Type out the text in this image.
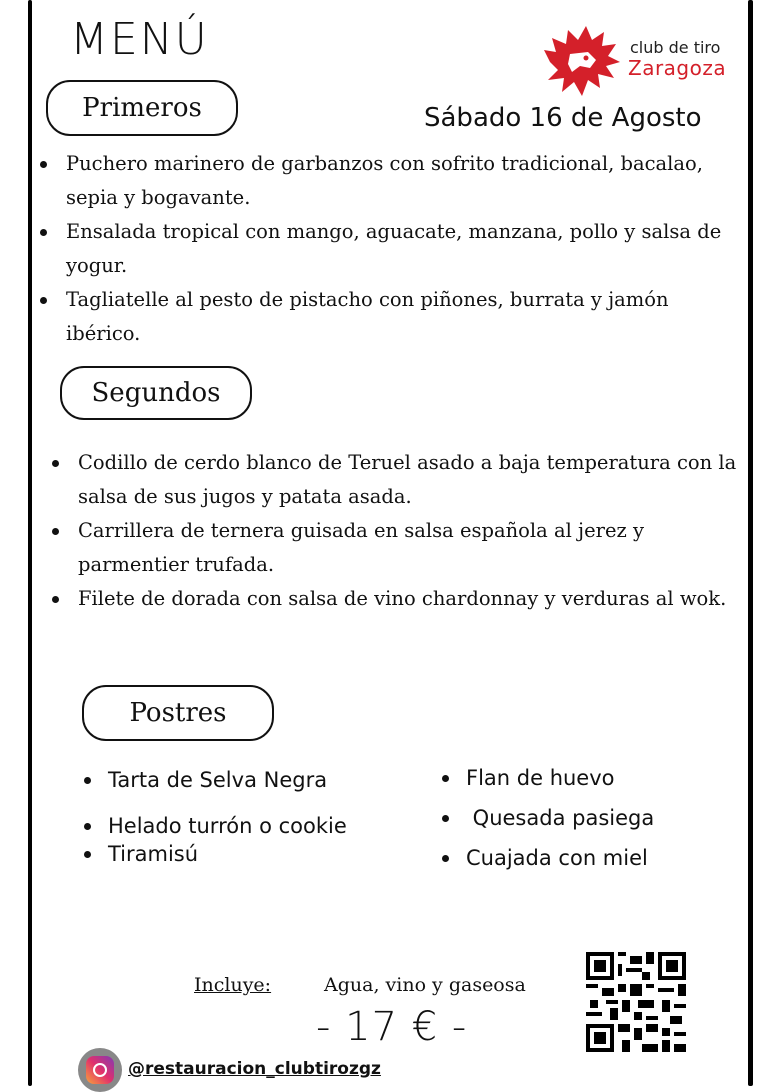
MENÚ	club de tiro
Zaragoza
Sábado 16 de Agosto
Primeros
Puchero marinero de garbanzos con sofrito tradicional, bacalao, sepia y bogavante.
Ensalada tropical con mango, aguacate, manzana, pollo y salsa de yogur.
Tagliatelle al pesto de pistacho con piñones, burrata y jamón ibérico.
Segundos
Codillo de cerdo blanco de Teruel asado a baja temperatura con la salsa de sus jugos y patata asada.
Carrillera de ternera guisada en salsa española al jerez y parmentier trufada.
Filete de dorada con salsa de vino chardonnay y verduras al wok.
Postres
Tarta de Selva Negra
Helado turrón o cookie
Tiramisú
Flan de huevo
Quesada pasiega
Cuajada con miel
Incluye:	Agua, vino y gaseosa
- 17 € -
@restauracion_clubtirozgz
